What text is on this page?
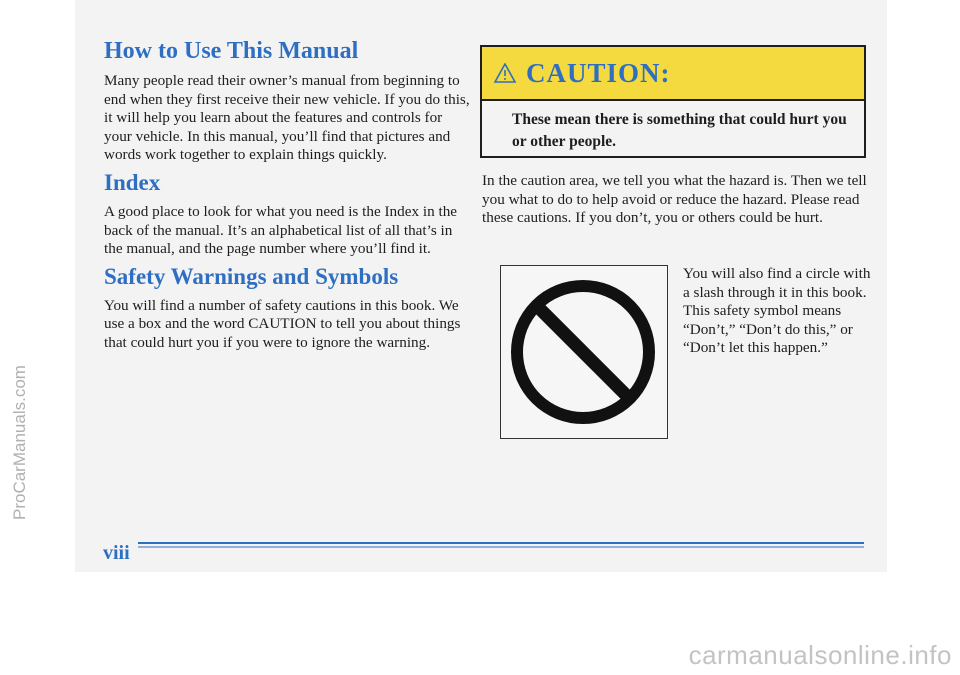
How to Use This Manual

Many people read their owner’s manual from beginning to end when they first receive their new vehicle. If you do this, it will help you learn about the features and controls for your vehicle. In this manual, you’ll find that pictures and words work together to explain things quickly.

Index

A good place to look for what you need is the Index in the back of the manual. It’s an alphabetical list of all that’s in the manual, and the page number where you’ll find it.

Safety Warnings and Symbols

You will find a number of safety cautions in this book. We use a box and the word CAUTION to tell you about things that could hurt you if you were to ignore the warning.

CAUTION:
These mean there is something that could hurt you or other people.

In the caution area, we tell you what the hazard is. Then we tell you what to do to help avoid or reduce the hazard. Please read these cautions. If you don’t, you or others could be hurt.

You will also find a circle with a slash through it in this book. This safety symbol means “Don’t,” “Don’t do this,” or “Don’t let this happen.”

viii
ProCarManuals.com
carmanualsonline.info
